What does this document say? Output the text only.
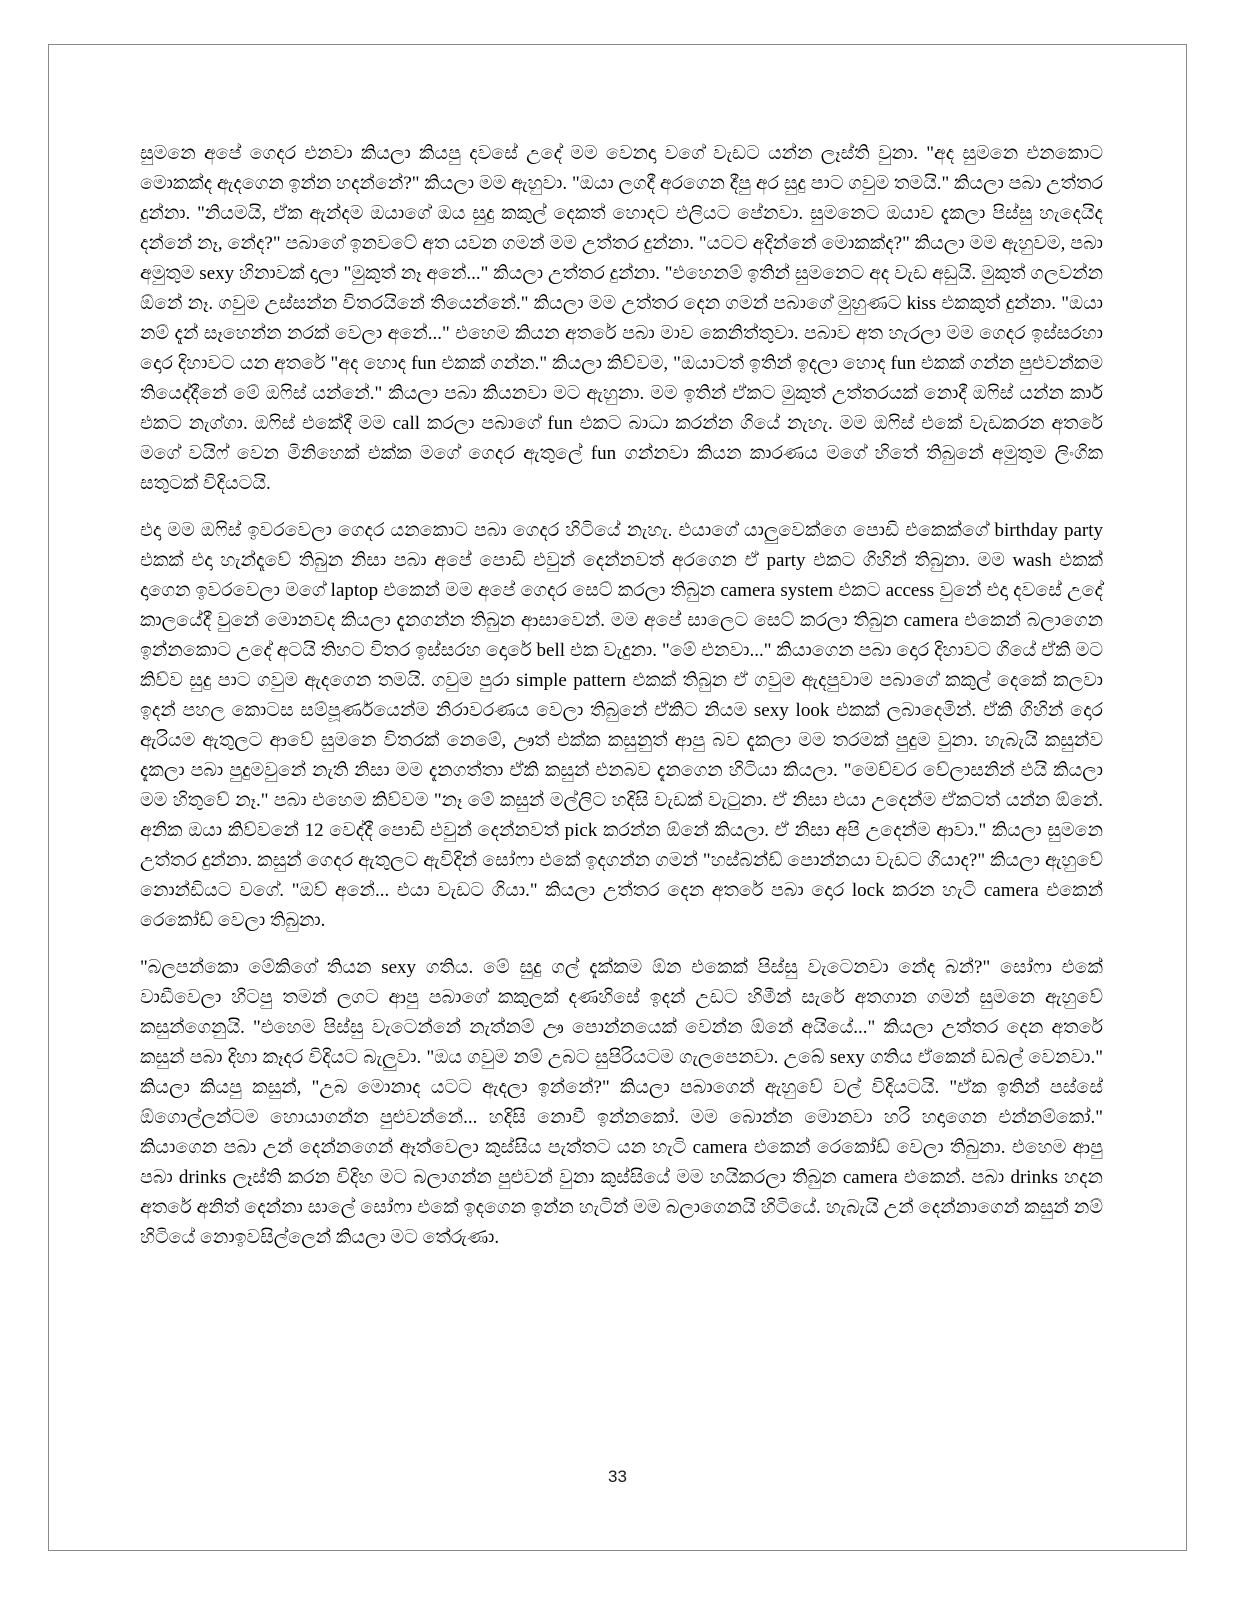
සුමනෙ අපේ ගෙදර එනවා කියලා කියපු දවසේ උදේ මම වෙනදා වගේ වැඩට යන්න ලෑස්ති වුනා. "අද සුමනෙ එනකොට මොකක්ද ඇදගෙන ඉන්න හදන්නේ?" කියලා මම ඇහුවා. "ඔයා ලගදී අරගෙන දීපු අර සුදු පාට ගවුම තමයි." කියලා පබා උත්තර දුන්නා. "නියමයි, ඒක ඇන්දම ඔයාගේ ඔය සුදු කකුල් දෙකත් හොදට එලියට පේනවා. සුමනෙට ඔයාව දැකලා පිස්සු හැදෙයිද දන්නේ නෑ, නේද?" පබාගේ ඉනවටේ අත යවන ගමන් මම උත්තර දුන්නා. "යටට අදින්නේ මොකක්ද?" කියලා මම ඇහුවම, පබා අමුතුම sexy හිනාවක් දාලා "මුකුත් නෑ අනේ..." කියලා උත්තර දුන්නා. "එහෙනම් ඉතින් සුමනෙට අද වැඩ අඩුයි. මුකුත් ගලවන්න ඕනේ නෑ. ගවුම උස්සන්න විතරයිනේ තියෙන්නේ." කියලා මම උත්තර දෙන ගමන් පබාගේ මුහුණට kiss එකකුත් දුන්නා. "ඔයා නම් දැන් සෑහෙන්න නරක් වෙලා අනේ..." එහෙම කියන අතරේ පබා මාව කෙනිත්තුවා. පබාව අත හැරලා මම ගෙදර ඉස්සරහා දොර දිහාවට යන අතරේ "අද හොද fun එකක් ගන්න." කියලා කිව්වම, "ඔයාටත් ඉතින් ඉදලා හොද fun එකක් ගන්න පුළුවන්කම තියෙද්දීනේ මේ ඔෆිස් යන්නේ." කියලා පබා කියනවා මට ඇහුනා. මම ඉතින් ඒකට මුකුත් උත්තරයක් නොදී ඔෆිස් යන්න කාර් එකට නැග්ගා. ඔෆිස් එකේදී මම call කරලා පබාගේ fun එකට බාධා කරන්න ගියේ නැහැ. මම ඔෆිස් එකේ වැඩකරන අතරේ මගේ වයිෆ් වෙන මිනිහෙක් එක්ක මගේ ගෙදර ඇතුලේ fun ගන්නවා කියන කාරණය මගේ හිතේ තිබුනේ අමුතුම ලිංගික සතුටක් විදියටයි.

එදා මම ඔෆිස් ඉවරවෙලා ගෙදර යනකොට පබා ගෙදර හිටියේ නැහැ. එයාගේ යාලුවෙක්ගෙ පොඩි එකෙක්ගේ birthday party එකක් එදා හැන්දෑවේ තිබුන නිසා පබා අපේ පොඩි එවුන් දෙන්නවත් අරගෙන ඒ party එකට ගිහින් තිබුනා. මම wash එකක් දාගෙන ඉවරවෙලා මගේ laptop එකෙන් මම අපේ ගෙදර සෙට් කරලා තිබුන camera system එකට access වුනේ එදා දවසේ උදේ කාලයේදී වුනේ මොනවද කියලා දැනගන්න තිබුන ආසාවෙන්. මම අපේ සාලෙට සෙට් කරලා තිබුන camera එකෙන් බලාගෙන ඉන්නකොට උදේ අටයි තිහට විතර ඉස්සරහ දොරේ bell එක වැදුනා. "මේ එනවා..." කියාගෙන පබා දොර දිහාවට ගියේ ඒකි මට කිව්ව සුදු පාට ගවුම ඇදගෙන තමයි. ගවුම පුරා simple pattern එකක් තිබුන ඒ ගවුම ඇදපුවාම පබාගේ කකුල් දෙකේ කලවා ඉදන් පහල කොටස සම්පූර්ණයෙන්ම නිරාවරණය වෙලා තිබුනේ ඒකිට නියම sexy look එකක් ලබාදෙමින්. ඒකි ගිහින් දොර ඇරියම ඇතුලට ආවේ සුමනෙ විතරක් නෙමේ, ඌත් එක්ක කසුනුත් ආපු බව දැකලා මම තරමක් පුදුම වුනා. හැබැයි කසුන්ව දැකලා පබා පුදුමවුනේ නැති නිසා මම දැනගත්තා ඒකි කසුන් එනබව දැනගෙන හිටියා කියලා. "මෙච්චර වේලාසනින් එයි කියලා මම හිතුවේ නෑ." පබා එහෙම කිව්වම "නෑ මේ කසුන් මල්ලිට හදිසි වැඩක් වැටුනා. ඒ නිසා එයා උදෙන්ම ඒකටත් යන්න ඕනේ. අනික ඔයා කිව්වනේ 12 වෙද්දී පොඩි එවුන් දෙන්නවත් pick කරන්න ඕනේ කියලා. ඒ නිසා අපි උදෙන්ම ආවා." කියලා සුමනෙ උත්තර දුන්නා. කසුන් ගෙදර ඇතුලට ඇවිදින් සෝෆා එකේ ඉදගන්න ගමන් "හස්බන්ඩ් පොන්නයා වැඩට ගියාද?" කියලා ඇහුවේ නොන්ඩියට වගේ. "ඔව් අනේ... එයා වැඩට ගියා." කියලා උත්තර දෙන අතරේ පබා දොර lock කරන හැටි camera එකෙන් රෙකෝඩ් වෙලා තිබුනා.

"බලපන්කො මේකිගේ තියන sexy ගතිය. මේ සුදු ගල් දැක්කම ඕන එකෙක් පිස්සු වැටෙනවා නේද බන්?" සෝෆා එකේ වාඩීවෙලා හිටපු තමන් ලගට ආපු පබාගේ කකුලක් දණහිසේ ඉදන් උඩට හිමීන් සැරේ අතගාන ගමන් සුමනෙ ඇහුවේ කසුන්ගෙනුයි. "එහෙම පිස්සු වැටෙන්නේ නැත්නම් ඌ පොන්නයෙක් වෙන්න ඕනේ අයියේ..." කියලා උත්තර දෙන අතරේ කසුන් පබා දිහා කෑදර විදියට බැලුවා. "ඔය ගවුම නම් උබට සුපිරියටම ගැලපෙනවා. උබේ sexy ගතිය ඒකෙන් ඩබල් වෙනවා." කියලා කියපු කසුන්, "උබ මොනාද යටට ඇදලා ඉන්නේ?" කියලා පබාගෙන් ඇහුවේ වල් විදියටයි. "ඒක ඉතින් පස්සේ ඕගොල්ලන්ටම හොයාගන්න පුළුවන්නේ... හදිසි නොවී ඉන්නකෝ. මම බොන්න මොනවා හරි හදාගෙන එන්නම්කෝ." කියාගෙන පබා උන් දෙන්නගෙන් ඈත්වෙලා කුස්සිය පැත්තට යන හැටි camera එකෙන් රෙකෝඩ් වෙලා තිබුනා. එහෙම ආපු පබා drinks ලෑස්ති කරන විදිහ මට බලාගන්න පුළුවන් වුනා කුස්සියේ මම හයිකරලා තිබුන camera එකෙන්. පබා drinks හදන අතරේ අනිත් දෙන්නා සාලේ සෝෆා එකේ ඉදගෙන ඉන්න හැටින් මම බලාගෙනයි හිටියේ. හැබැයි උන් දෙන්නාගෙන් කසුන් නම් හිටියේ නොඉවසිල්ලෙන් කියලා මට තේරුණා.

33
